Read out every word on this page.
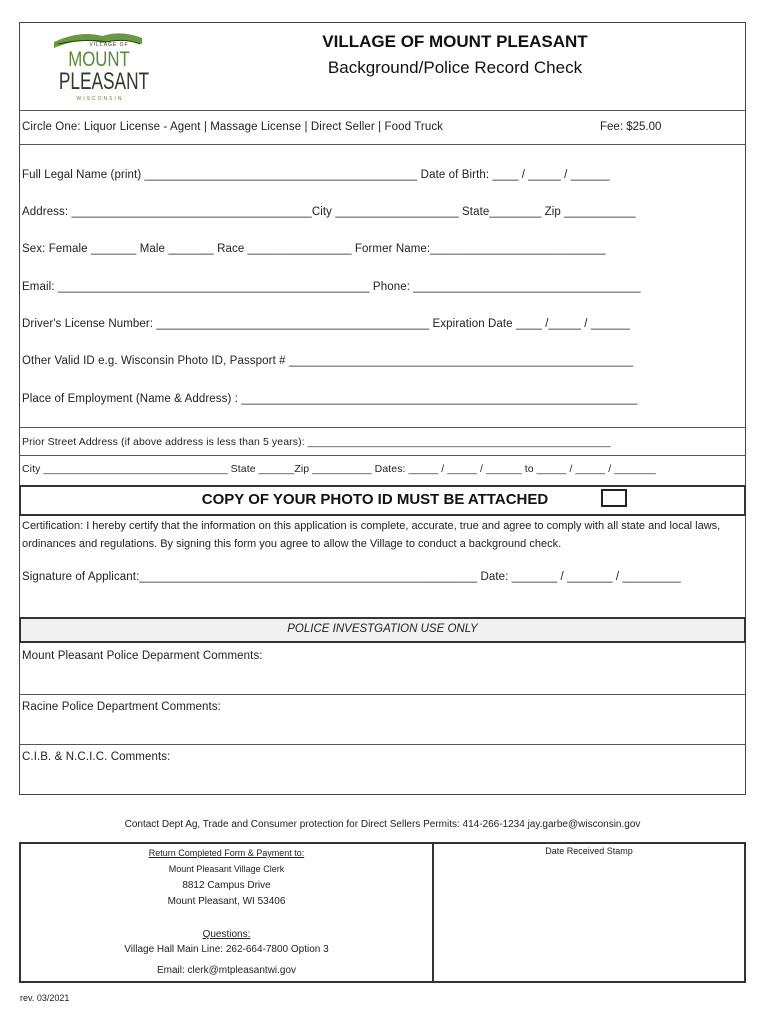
VILLAGE OF
MOUNT
PLEASANT
WISCONSIN
VILLAGE OF MOUNT PLEASANT
Background/Police Record Check
Circle One: Liquor License - Agent | Massage License | Direct Seller | Food Truck	Fee: $25.00
Full Legal Name (print) __________________________________________ Date of Birth: ____ / _____ / ______
Address: _____________________________________City ___________________ State________ Zip ___________
Sex: Female _______ Male _______ Race ________________ Former Name:___________________________
Email: ________________________________________________ Phone: ___________________________________
Driver's License Number: __________________________________________ Expiration Date ____ /_____ / ______
Other Valid ID e.g. Wisconsin Photo ID, Passport # _____________________________________________________
Place of Employment (Name & Address) : _____________________________________________________________
Prior Street Address (if above address is less than 5 years): ___________________________________________________
City _______________________________ State ______Zip __________ Dates: _____ / _____ / ______ to _____ / _____ / _______
COPY OF YOUR PHOTO ID MUST BE ATTACHED
Certification: I hereby certify that the information on this application is complete, accurate, true and agree to comply with all state and local laws, ordinances and regulations. By signing this form you agree to allow the Village to conduct a background check.
Signature of Applicant:____________________________________________________ Date: _______ / _______ / _________
POLICE INVESTGATION USE ONLY
Mount Pleasant Police Deparment Comments:
Racine Police Department Comments:
C.I.B. & N.C.I.C. Comments:
Contact Dept Ag, Trade and Consumer protection for Direct Sellers Permits: 414-266-1234 jay.garbe@wisconsin.gov
Return Completed Form & Payment to:
Mount Pleasant Village Clerk
8812 Campus Drive
Mount Pleasant, WI 53406
Questions:
Village Hall Main Line: 262-664-7800 Option 3
Email: clerk@mtpleasantwi.gov
Date Received Stamp
rev. 03/2021
